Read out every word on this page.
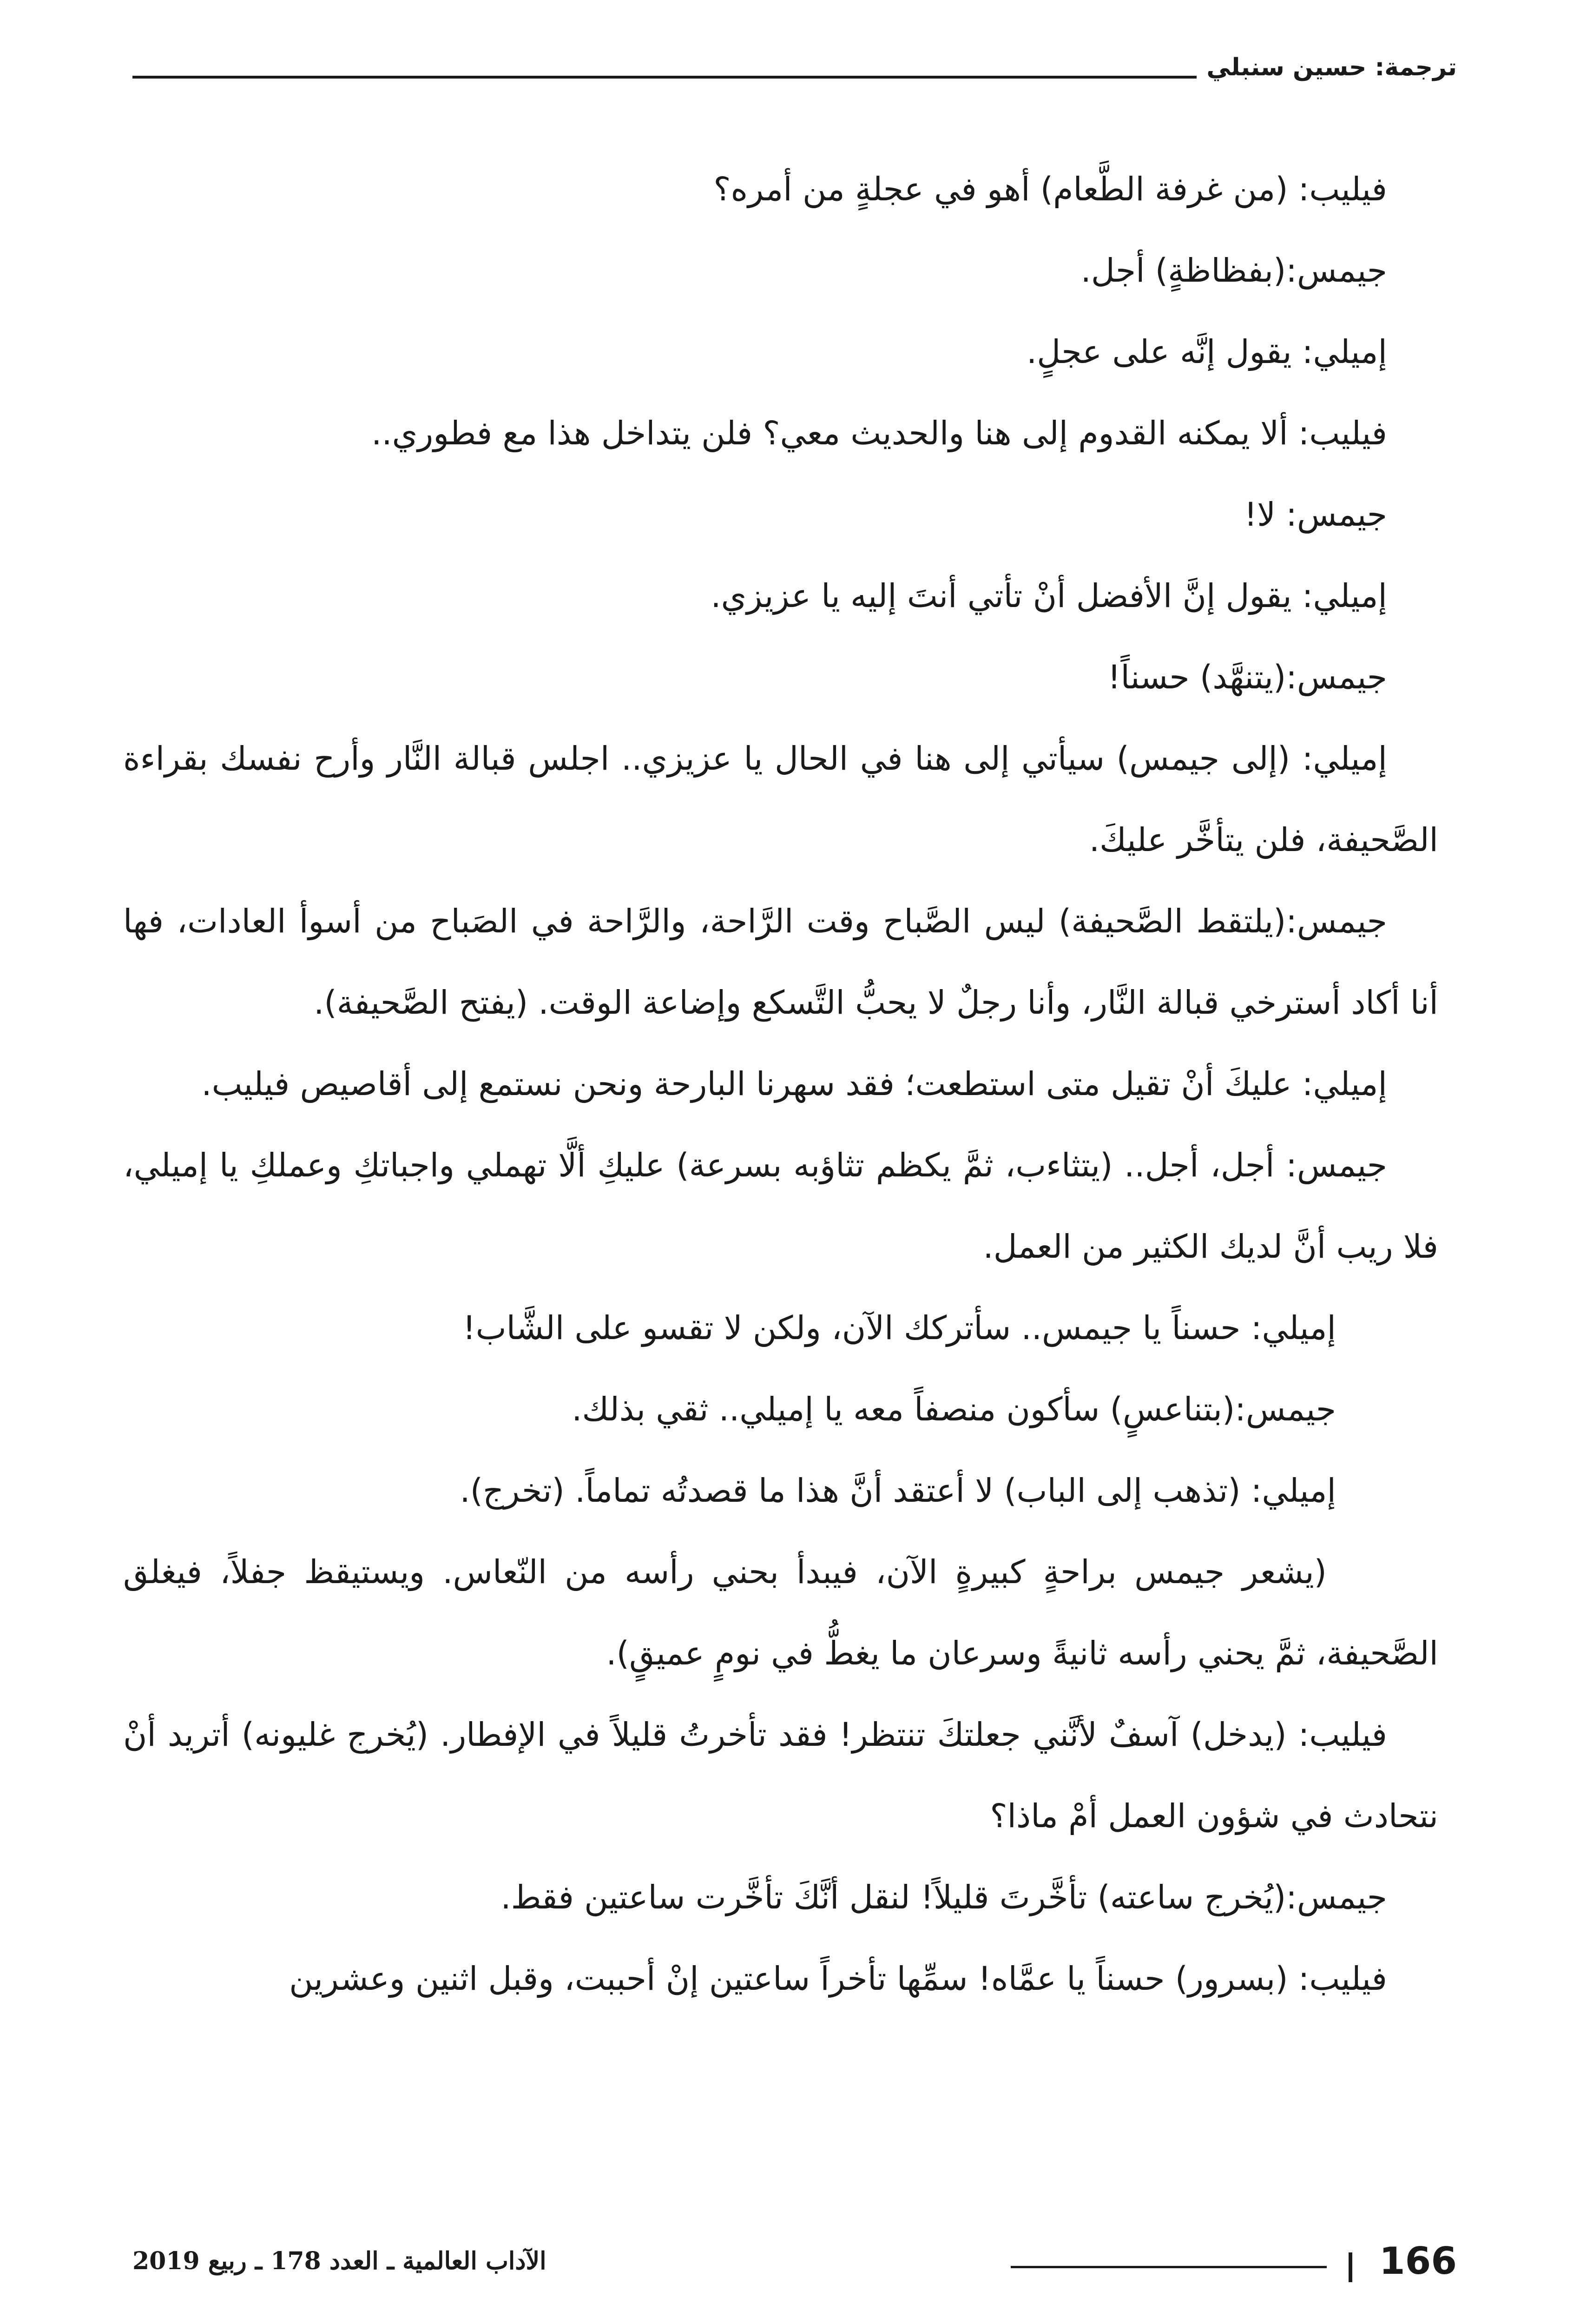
ترجمة: حسين سنبلي

فيليب: (من غرفة الطَّعام) أهو في عجلةٍ من أمره؟

جيمس:(بفظاظةٍ) أجل.

إميلي: يقول إنَّه على عجلٍ.

فيليب: ألا يمكنه القدوم إلى هنا والحديث معي؟ فلن يتداخل هذا مع فطوري..

جيمس: لا!

إميلي: يقول إنَّ الأفضل أنْ تأتي أنتَ إليه يا عزيزي.

جيمس:(يتنهَّد) حسناً!

إميلي: (إلى جيمس) سيأتي إلى هنا في الحال يا عزيزي.. اجلس قبالة النَّار وأرح نفسك بقراءة الصَّحيفة، فلن يتأخَّر عليكَ.

جيمس:(يلتقط الصَّحيفة) ليس الصَّباح وقت الرَّاحة، والرَّاحة في الصَباح من أسوأ العادات، فها أنا أكاد أسترخي قبالة النَّار، وأنا رجلٌ لا يحبُّ التَّسكع وإضاعة الوقت. (يفتح الصَّحيفة).

إميلي: عليكَ أنْ تقيل متى استطعت؛ فقد سهرنا البارحة ونحن نستمع إلى أقاصيص فيليب.

جيمس: أجل، أجل.. (يتثاءب، ثمَّ يكظم تثاؤبه بسرعة) عليكِ ألَّا تهملي واجباتكِ وعملكِ يا إميلي، فلا ريب أنَّ لديك الكثير من العمل.

إميلي: حسناً يا جيمس.. سأتركك الآن، ولكن لا تقسو على الشَّاب!

جيمس:(بتناعسٍ) سأكون منصفاً معه يا إميلي.. ثقي بذلك.

إميلي: (تذهب إلى الباب) لا أعتقد أنَّ هذا ما قصدتُه تماماً. (تخرج).

(يشعر جيمس براحةٍ كبيرةٍ الآن، فيبدأ بحني رأسه من النّعاس. ويستيقظ جفلاً، فيغلق الصَّحيفة، ثمَّ يحني رأسه ثانيةً وسرعان ما يغطُّ في نومٍ عميقٍ).

فيليب: (يدخل) آسفٌ لأنَّني جعلتكَ تنتظر! فقد تأخرتُ قليلاً في الإفطار. (يُخرج غليونه) أتريد أنْ نتحادث في شؤون العمل أمْ ماذا؟

جيمس:(يُخرج ساعته) تأخَّرتَ قليلاً! لنقل أنَّكَ تأخَّرت ساعتين فقط.

فيليب: (بسرور) حسناً يا عمَّاه! سمِّها تأخراً ساعتين إنْ أحببت، وقبل اثنين وعشرين

166
الآداب العالمية ـ العدد 178 ـ ربيع 2019
